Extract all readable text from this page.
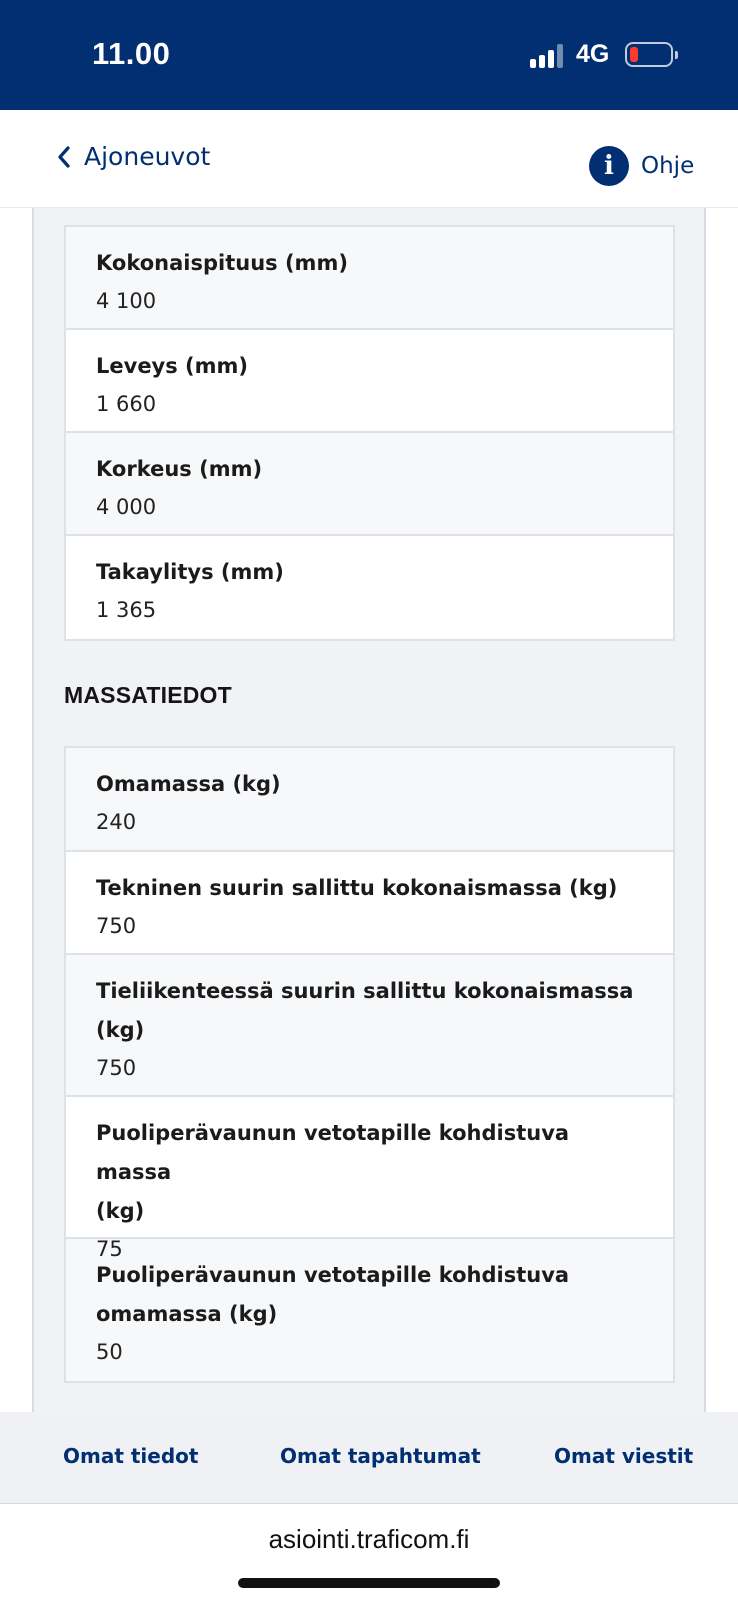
11.00	4G
Ajoneuvot	i	Ohje
Kokonaispituus (mm)
4 100
Leveys (mm)
1 660
Korkeus (mm)
4 000
Takaylitys (mm)
1 365
MASSATIEDOT
Omamassa (kg)
240
Tekninen suurin sallittu kokonaismassa (kg)
750
Tieliikenteessä suurin sallittu kokonaismassa
(kg)
750
Puoliperävaunun vetotapille kohdistuva massa
(kg)
75
Puoliperävaunun vetotapille kohdistuva
omamassa (kg)
50
Omat tiedot	Omat tapahtumat	Omat viestit
asiointi.traficom.fi
